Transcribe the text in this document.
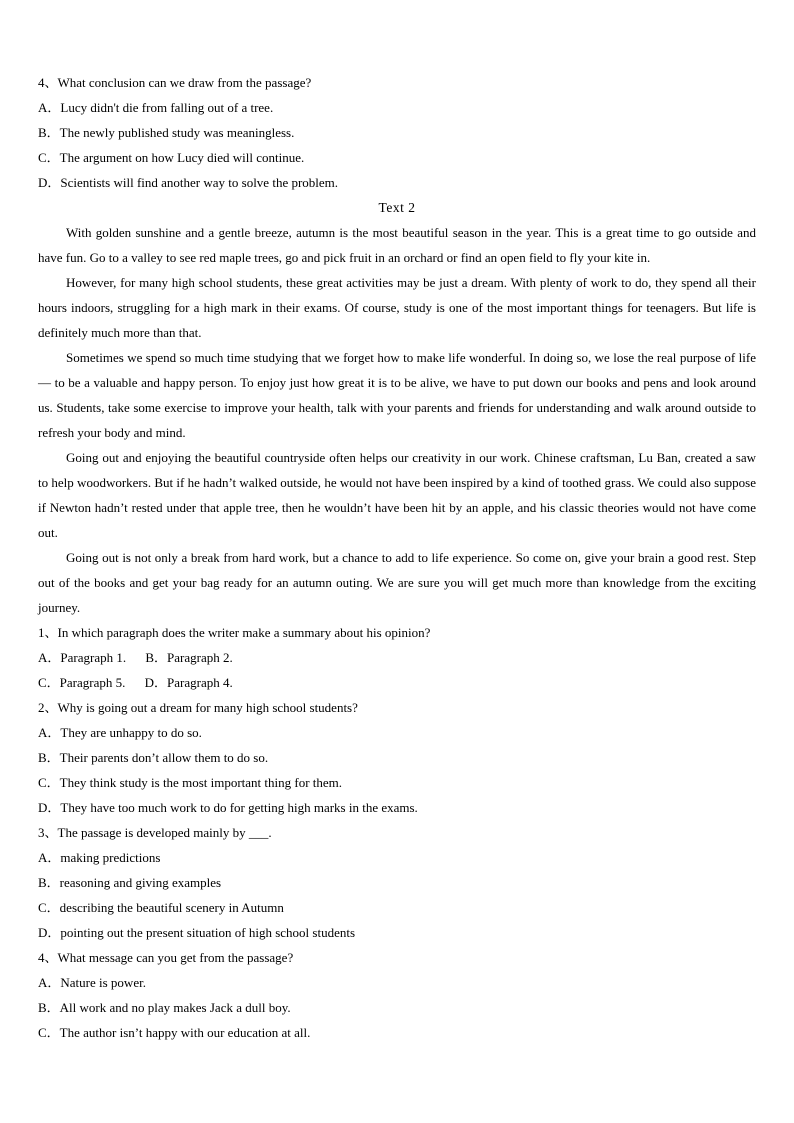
4、What conclusion can we draw from the passage?
A．Lucy didn't die from falling out of a tree.
B．The newly published study was meaningless.
C．The argument on how Lucy died will continue.
D．Scientists will find another way to solve the problem.
Text 2

With golden sunshine and a gentle breeze, autumn is the most beautiful season in the year. This is a great time to go outside and have fun. Go to a valley to see red maple trees, go and pick fruit in an orchard or find an open field to fly your kite in.

However, for many high school students, these great activities may be just a dream. With plenty of work to do, they spend all their hours indoors, struggling for a high mark in their exams. Of course, study is one of the most important things for teenagers. But life is definitely much more than that.

Sometimes we spend so much time studying that we forget how to make life wonderful. In doing so, we lose the real purpose of life — to be a valuable and happy person. To enjoy just how great it is to be alive, we have to put down our books and pens and look around us. Students, take some exercise to improve your health, talk with your parents and friends for understanding and walk around outside to refresh your body and mind.

Going out and enjoying the beautiful countryside often helps our creativity in our work. Chinese craftsman, Lu Ban, created a saw to help woodworkers. But if he hadn’t walked outside, he would not have been inspired by a kind of toothed grass. We could also suppose if Newton hadn’t rested under that apple tree, then he wouldn’t have been hit by an apple, and his classic theories would not have come out.

Going out is not only a break from hard work, but a chance to add to life experience. So come on, give your brain a good rest. Step out of the books and get your bag ready for an autumn outing. We are sure you will get much more than knowledge from the exciting journey.

1、In which paragraph does the writer make a summary about his opinion?
A．Paragraph 1. B．Paragraph 2.
C．Paragraph 5. D．Paragraph 4.
2、Why is going out a dream for many high school students?
A．They are unhappy to do so.
B．Their parents don’t allow them to do so.
C．They think study is the most important thing for them.
D．They have too much work to do for getting high marks in the exams.
3、The passage is developed mainly by ___.
A．making predictions
B．reasoning and giving examples
C．describing the beautiful scenery in Autumn
D．pointing out the present situation of high school students
4、What message can you get from the passage?
A．Nature is power.
B．All work and no play makes Jack a dull boy.
C．The author isn’t happy with our education at all.
